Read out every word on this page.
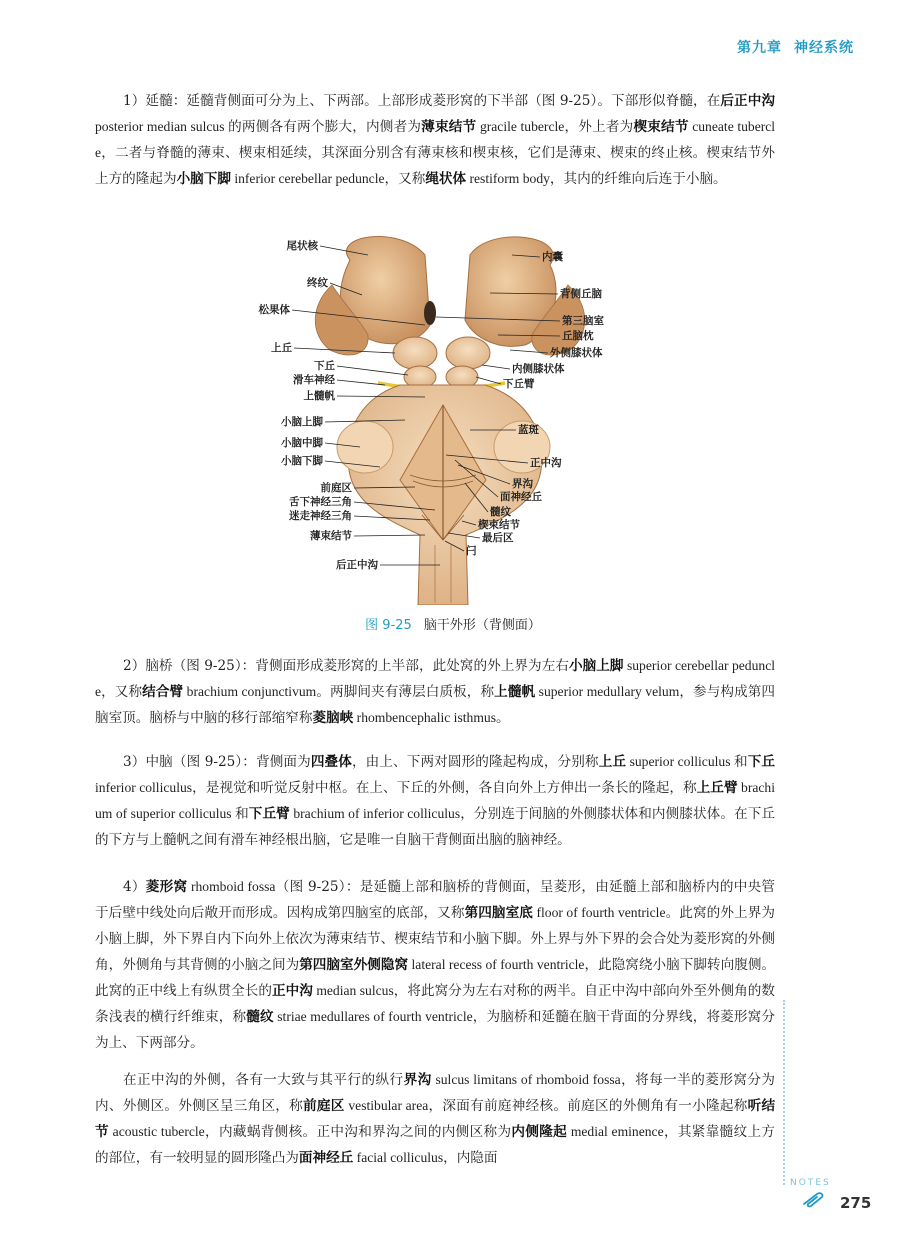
第九章 神经系统

1）延髓：延髓背侧面可分为上、下两部。上部形成菱形窝的下半部（图 9-25）。下部形似脊髓，在后正中沟 posterior median sulcus 的两侧各有两个膨大，内侧者为薄束结节 gracile tubercle，外上者为楔束结节 cuneate tubercle，二者与脊髓的薄束、楔束相延续，其深面分别含有薄束核和楔束核，它们是薄束、楔束的终止核。楔束结节外上方的隆起为小脑下脚 inferior cerebellar peduncle，又称绳状体 restiform body，其内的纤维向后连于小脑。

尾状核
终纹
松果体
上丘
下丘
滑车神经
上髓帆
小脑上脚
小脑中脚
小脑下脚
前庭区
舌下神经三角
迷走神经三角
薄束结节
后正中沟
内囊
背侧丘脑
第三脑室
丘脑枕
外侧膝状体
内侧膝状体
下丘臂
蓝斑
正中沟
界沟
面神经丘
髓纹
楔束结节
最后区
闩
图 9-25 脑干外形（背侧面）

2）脑桥（图 9-25）：背侧面形成菱形窝的上半部，此处窝的外上界为左右小脑上脚 superior cerebellar peduncle，又称结合臂 brachium conjunctivum。两脚间夹有薄层白质板，称上髓帆 superior medullary velum，参与构成第四脑室顶。脑桥与中脑的移行部缩窄称菱脑峡 rhombencephalic isthmus。

3）中脑（图 9-25）：背侧面为四叠体，由上、下两对圆形的隆起构成，分别称上丘 superior colliculus 和下丘 inferior colliculus，是视觉和听觉反射中枢。在上、下丘的外侧，各自向外上方伸出一条长的隆起，称上丘臂 brachium of superior colliculus 和下丘臂 brachium of inferior colliculus，分别连于间脑的外侧膝状体和内侧膝状体。在下丘的下方与上髓帆之间有滑车神经根出脑，它是唯一自脑干背侧面出脑的脑神经。

4）菱形窝 rhomboid fossa（图 9-25）：是延髓上部和脑桥的背侧面，呈菱形，由延髓上部和脑桥内的中央管于后壁中线处向后敞开而形成。因构成第四脑室的底部，又称第四脑室底 floor of fourth ventricle。此窝的外上界为小脑上脚，外下界自内下向外上依次为薄束结节、楔束结节和小脑下脚。外上界与外下界的会合处为菱形窝的外侧角，外侧角与其背侧的小脑之间为第四脑室外侧隐窝 lateral recess of fourth ventricle，此隐窝绕小脑下脚转向腹侧。此窝的正中线上有纵贯全长的正中沟 median sulcus，将此窝分为左右对称的两半。自正中沟中部向外至外侧角的数条浅表的横行纤维束，称髓纹 striae medullares of fourth ventricle，为脑桥和延髓在脑干背面的分界线，将菱形窝分为上、下两部分。

在正中沟的外侧，各有一大致与其平行的纵行界沟 sulcus limitans of rhomboid fossa，将每一半的菱形窝分为内、外侧区。外侧区呈三角区，称前庭区 vestibular area，深面有前庭神经核。前庭区的外侧角有一小隆起称听结节 acoustic tubercle，内藏蜗背侧核。正中沟和界沟之间的内侧区称为内侧隆起 medial eminence，其紧靠髓纹上方的部位，有一较明显的圆形隆凸为面神经丘 facial colliculus，内隐面

NOTES
275
